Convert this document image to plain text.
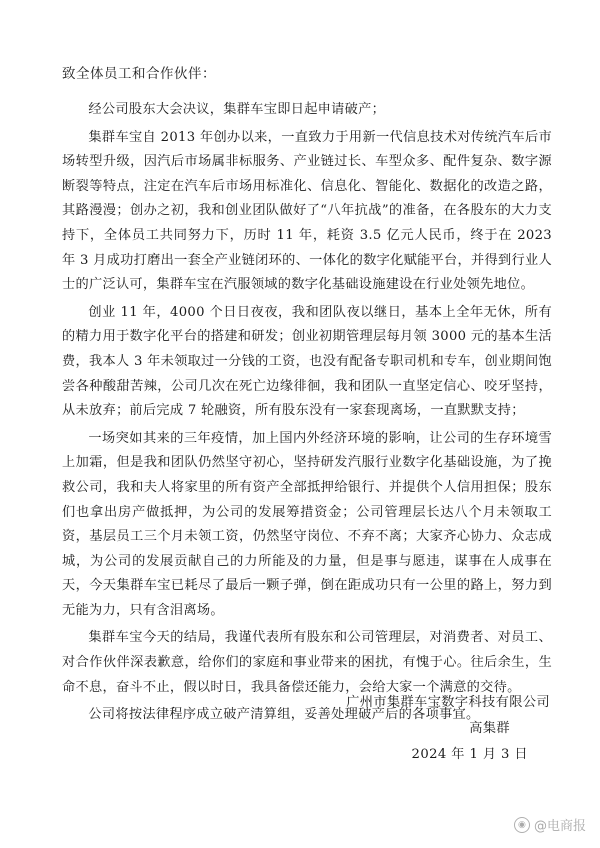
致全体员工和合作伙伴：

经公司股东大会决议，集群车宝即日起申请破产；

集群车宝自 2013 年创办以来，一直致力于用新一代信息技术对传统汽车后市场转型升级，因汽后市场属非标服务、产业链过长、车型众多、配件复杂、数字源断裂等特点，注定在汽车后市场用标准化、信息化、智能化、数据化的改造之路，其路漫漫；创办之初，我和创业团队做好了“八年抗战”的准备，在各股东的大力支持下，全体员工共同努力下，历时 11 年，耗资 3.5 亿元人民币，终于在 2023 年 3 月成功打磨出一套全产业链闭环的、一体化的数字化赋能平台，并得到行业人士的广泛认可，集群车宝在汽服领域的数字化基础设施建设在行业处领先地位。

创业 11 年，4000 个日日夜夜，我和团队夜以继日，基本上全年无休，所有的精力用于数字化平台的搭建和研发；创业初期管理层每月领 3000 元的基本生活费，我本人 3 年未领取过一分钱的工资，也没有配备专职司机和专车，创业期间饱尝各种酸甜苦辣，公司几次在死亡边缘徘徊，我和团队一直坚定信心、咬牙坚持，从未放弃；前后完成 7 轮融资，所有股东没有一家套现离场，一直默默支持；

一场突如其来的三年疫情，加上国内外经济环境的影响，让公司的生存环境雪上加霜，但是我和团队仍然坚守初心，坚持研发汽服行业数字化基础设施，为了挽救公司，我和夫人将家里的所有资产全部抵押给银行、并提供个人信用担保；股东们也拿出房产做抵押，为公司的发展筹措资金；公司管理层长达八个月未领取工资，基层员工三个月未领工资，仍然坚守岗位、不弃不离；大家齐心协力、众志成城，为公司的发展贡献自己的力所能及的力量，但是事与愿违，谋事在人成事在天，今天集群车宝已耗尽了最后一颗子弹，倒在距成功只有一公里的路上，努力到无能为力，只有含泪离场。

集群车宝今天的结局，我谨代表所有股东和公司管理层，对消费者、对员工、对合作伙伴深表歉意，给你们的家庭和事业带来的困扰，有愧于心。往后余生，生命不息，奋斗不止，假以时日，我具备偿还能力，会给大家一个满意的交待。

公司将按法律程序成立破产清算组，妥善处理破产后的各项事宜。

广州市集群车宝数字科技有限公司
高集群
2024 年 1 月 3 日
◉ @电商报
